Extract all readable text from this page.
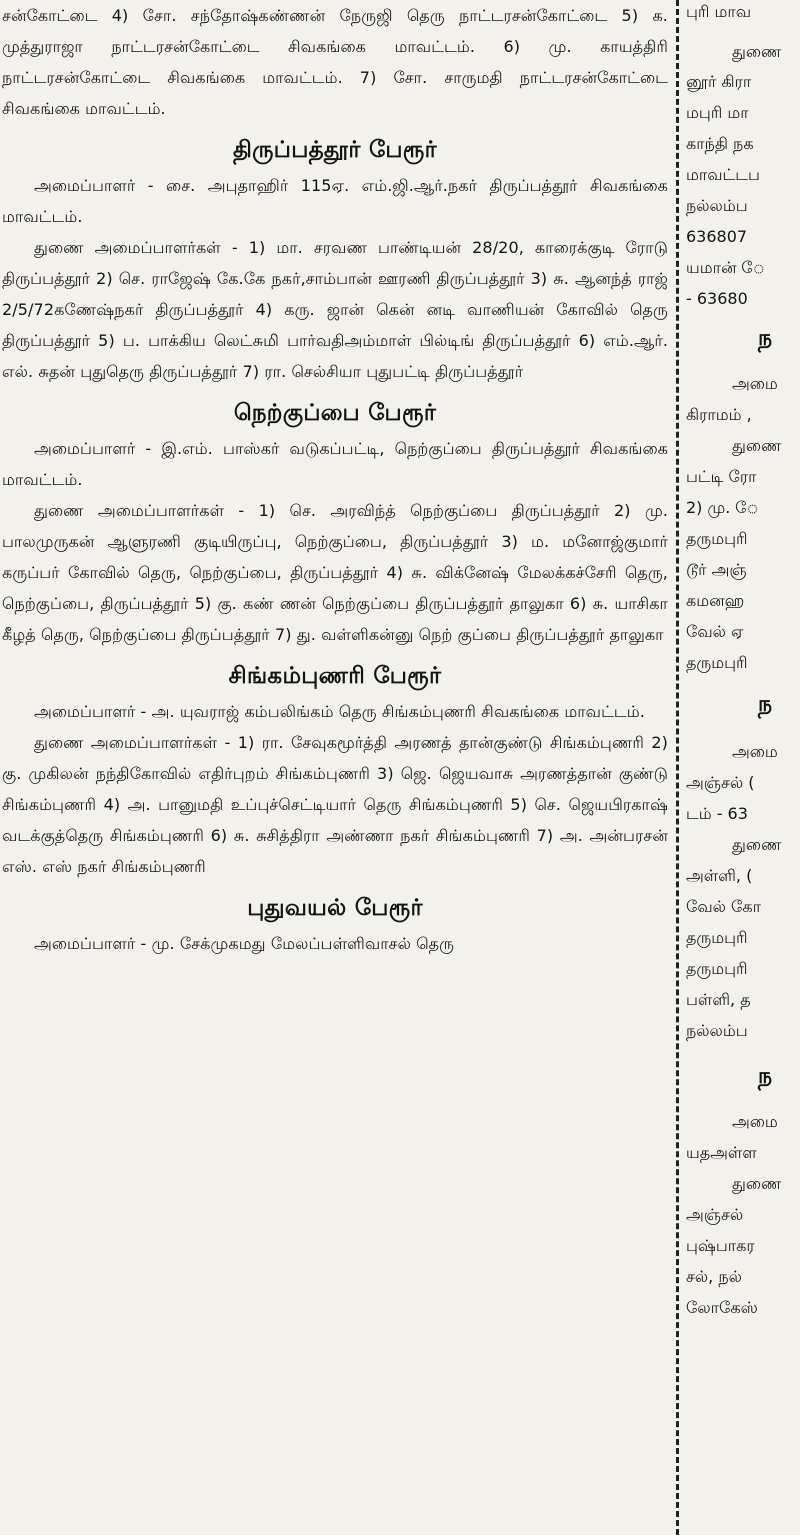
சன்கோட்டை 4) சோ. சந்தோஷ்கண்ணன் நேருஜி தெரு நாட்டரசன்கோட்டை 5) க. முத்துராஜா நாட்டரசன்கோட்டை சிவகங்கை மாவட்டம். 6) மு. காயத்திரி நாட்டரசன்கோட்டை சிவகங்கை மாவட்டம். 7) சோ. சாருமதி நாட்டரசன்கோட்டை சிவகங்கை மாவட்டம்.

திருப்பத்தூர் பேரூர்

அமைப்பாளர் - சை. அபுதாஹிர் 115ஏ. எம்.ஜி.ஆர்.நகர் திருப்பத்தூர் சிவகங்கை மாவட்டம்.

துணை அமைப்பாளர்கள் - 1) மா. சரவண பாண்டியன் 28/20, காரைக்குடி ரோடு திருப்பத்தூர் 2) செ. ராஜேஷ் கே.கே நகர்,சாம்பான் ஊரணி திருப்பத்தூர் 3) சு. ஆனந்த் ராஜ் 2/5/72கணேஷ்நகர் திருப்பத்தூர் 4) கரு. ஜான் கென் னடி வாணியன் கோவில் தெரு திருப்பத்தூர் 5) ப. பாக்கிய லெட்சுமி பார்வதிஅம்மாள் பில்டிங் திருப்பத்தூர் 6) எம்.ஆர். எல். சுதன் புதுதெரு திருப்பத்தூர் 7) ரா. செல்சியா புதுபட்டி திருப்பத்தூர்

நெற்குப்பை பேரூர்

அமைப்பாளர் - இ.எம். பாஸ்கர் வடுகப்பட்டி, நெற்குப்பை திருப்பத்தூர் சிவகங்கை மாவட்டம்.

துணை அமைப்பாளர்கள் - 1) செ. அரவிந்த் நெற்குப்பை திருப்பத்தூர் 2) மு. பாலமுருகன் ஆளுரணி குடியிருப்பு, நெற்குப்பை, திருப்பத்தூர் 3) ம. மனோஜ்குமார் கருப்பர் கோவில் தெரு, நெற்குப்பை, திருப்பத்தூர் 4) சு. விக்னேஷ் மேலக்கச்சேரி தெரு, நெற்குப்பை, திருப்பத்தூர் 5) கு. கண் ணன் நெற்குப்பை திருப்பத்தூர் தாலுகா 6) சு. யாசிகா கீழத் தெரு, நெற்குப்பை திருப்பத்தூர் 7) து. வள்ளிகன்னு நெற் குப்பை திருப்பத்தூர் தாலுகா

சிங்கம்புணரி பேரூர்

அமைப்பாளர் - அ. யுவராஜ் கம்பலிங்கம் தெரு சிங்கம்புணரி சிவகங்கை மாவட்டம்.

துணை அமைப்பாளர்கள் - 1) ரா. சேவுகமூர்த்தி அரணத் தான்குண்டு சிங்கம்புணரி 2) கு. முகிலன் நந்திகோவில் எதிர்புறம் சிங்கம்புணரி 3) ஜெ. ஜெயவாசு அரணத்தான் குண்டு சிங்கம்புணரி 4) அ. பானுமதி உப்புச்செட்டியார் தெரு சிங்கம்புணரி 5) செ. ஜெயபிரகாஷ் வடக்குத்தெரு சிங்கம்புணரி 6) சு. சுசித்திரா அண்ணா நகர் சிங்கம்புணரி 7) அ. அன்பரசன் எஸ். எஸ் நகர் சிங்கம்புணரி

புதுவயல் பேரூர்

அமைப்பாளர் - மு. சேக்முகமது மேலப்பள்ளிவாசல் தெரு

புரி மாவ
துணை
னூர் கிரா
மபுரி மா
காந்தி நக
மாவட்டப
நல்லம்ப
636807
யமான் ே
- 63680
ந
அமை
கிராமம் ,
துணை
பட்டி ரோ
2) மு. ே
தருமபுரி
டூர் அஞ்
கமனஹ
வேல் ஏ
தருமபுரி
ந
அமை
அஞ்சல் (
டம் - 63
துணை
அள்ளி, (
வேல் கோ
தருமபுரி
தருமபுரி
பள்ளி, த
நல்லம்ப
ந
அமை
யதஅள்ள
துணை
அஞ்சல்
புஷ்பாகர
சல், நல்
லோகேஸ்
